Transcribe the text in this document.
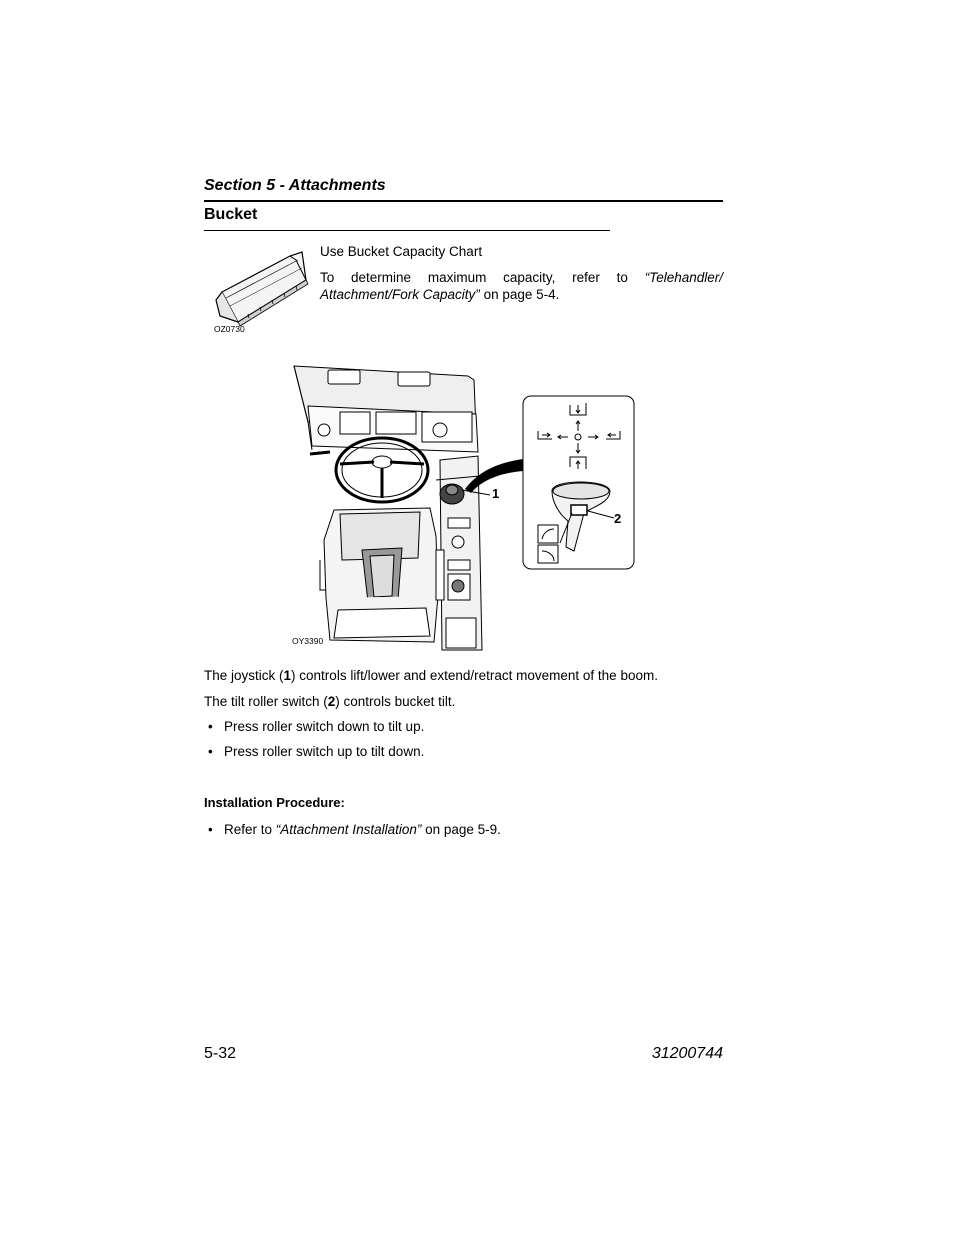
Section 5 - Attachments
Bucket
OZ0730
Use Bucket Capacity Chart
To determine maximum capacity, refer to “Telehandler/ Attachment/Fork Capacity” on page 5-4.
1
OY3390
2
The joystick (1) controls lift/lower and extend/retract movement of the boom.
The tilt roller switch (2) controls bucket tilt.
• Press roller switch down to tilt up.
• Press roller switch up to tilt down.
Installation Procedure:
• Refer to “Attachment Installation” on page 5-9.
5-32	31200744
